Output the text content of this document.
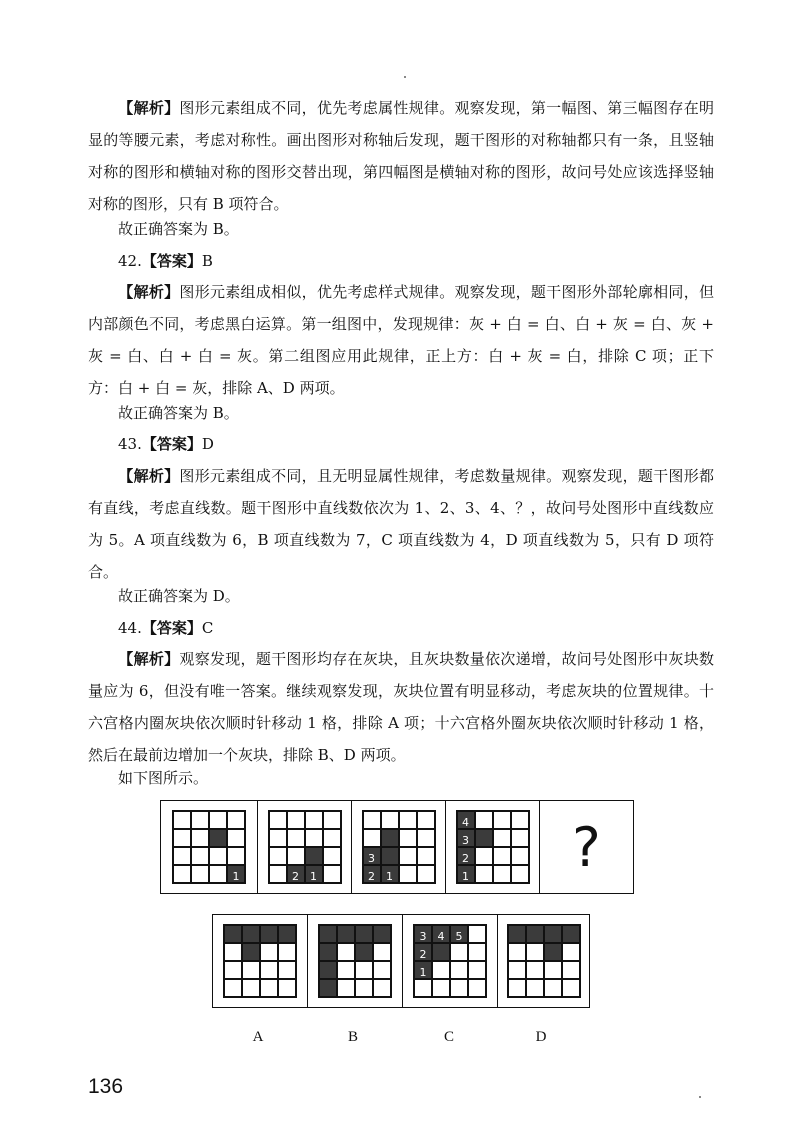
【解析】图形元素组成不同，优先考虑属性规律。观察发现，第一幅图、第三幅图存在明显的等腰元素，考虑对称性。画出图形对称轴后发现，题干图形的对称轴都只有一条，且竖轴对称的图形和横轴对称的图形交替出现，第四幅图是横轴对称的图形，故问号处应该选择竖轴对称的图形，只有 B 项符合。

故正确答案为 B。

42.【答案】B

【解析】图形元素组成相似，优先考虑样式规律。观察发现，题干图形外部轮廓相同，但内部颜色不同，考虑黑白运算。第一组图中，发现规律：灰 + 白 = 白、白 + 灰 = 白、灰 + 灰 = 白、白 + 白 = 灰。第二组图应用此规律，正上方：白 + 灰 = 白，排除 C 项；正下方：白 + 白 = 灰，排除 A、D 两项。

故正确答案为 B。

43.【答案】D

【解析】图形元素组成不同，且无明显属性规律，考虑数量规律。观察发现，题干图形都有直线，考虑直线数。题干图形中直线数依次为 1、2、3、4、？，故问号处图形中直线数应为 5。A 项直线数为 6，B 项直线数为 7，C 项直线数为 4，D 项直线数为 5，只有 D 项符合。

故正确答案为 D。

44.【答案】C

【解析】观察发现，题干图形均存在灰块，且灰块数量依次递增，故问号处图形中灰块数量应为 6，但没有唯一答案。继续观察发现，灰块位置有明显移动，考虑灰块的位置规律。十六宫格内圈灰块依次顺时针移动 1 格，排除 A 项；十六宫格外圈灰块依次顺时针移动 1 格，然后在最前边增加一个灰块，排除 B、D 两项。

如下图所示。

1	2	1
3
2	1
4
3
2
1 ?
3	4	5
2
1
A	B	C	D
136
